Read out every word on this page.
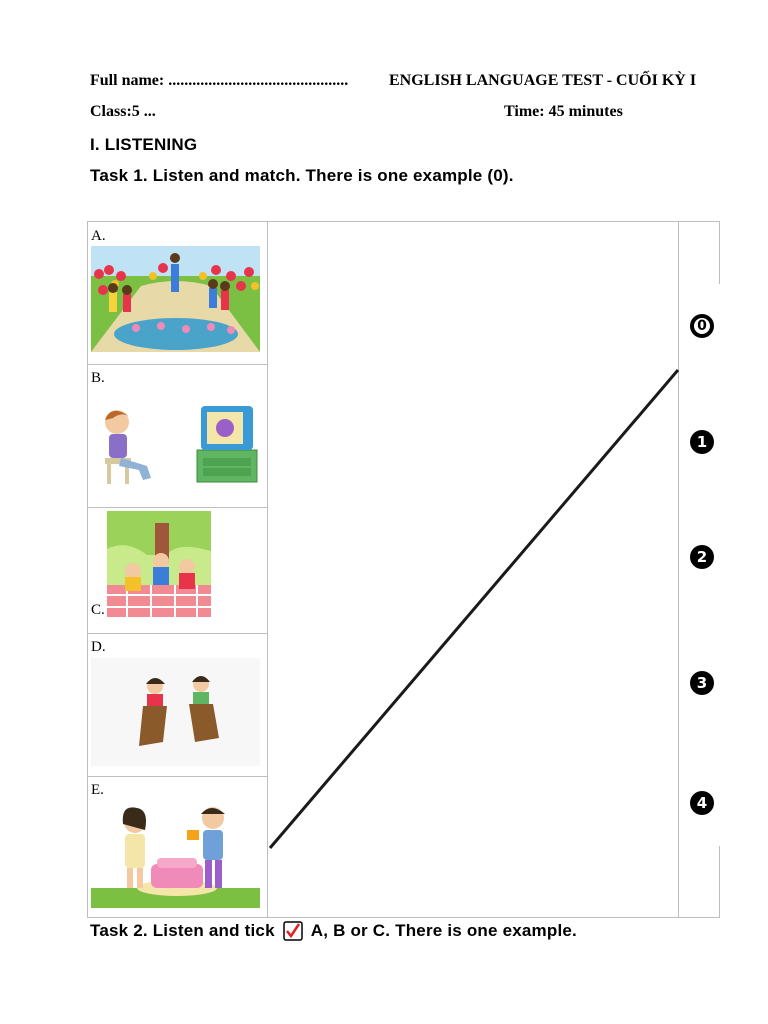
Full name: .............................................	ENGLISH LANGUAGE TEST - CUỐI KỲ I
Class:5 ...	Time: 45 minutes
I. LISTENING
Task 1. Listen and match. There is one example (0).
A.
B.
C.
D.
E.
0
1
2
3
4
Task 2. Listen and tick A, B or C. There is one example.
